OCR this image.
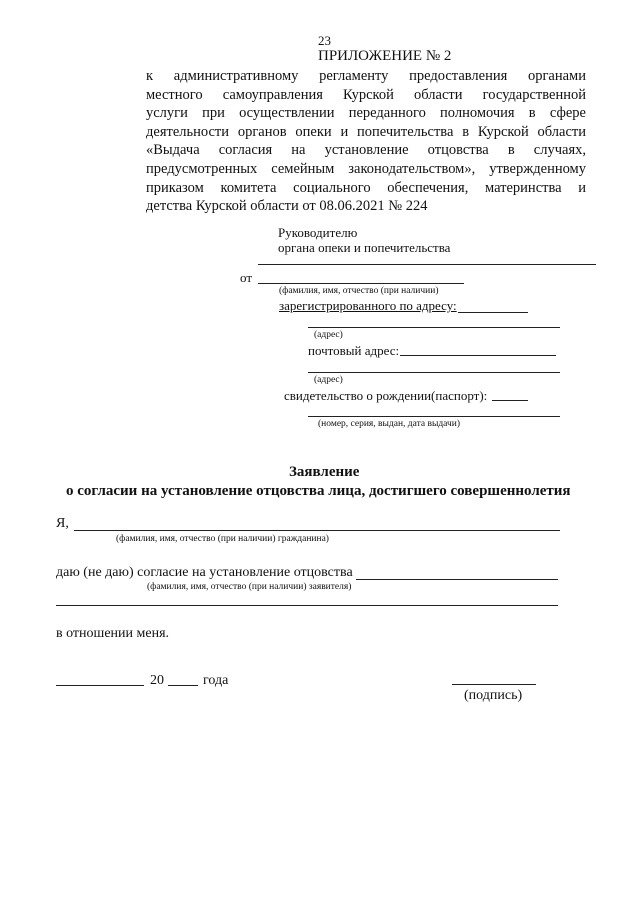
23
ПРИЛОЖЕНИЕ № 2
к административному регламенту предоставления органами
местного самоуправления Курской области государственной
услуги при осуществлении переданного полномочия в сфере
деятельности органов опеки и попечительства в Курской области
«Выдача согласия на установление отцовства в случаях,
предусмотренных семейным законодательством», утвержденному
приказом комитета социального обеспечения, материнства и
детства Курской области от 08.06.2021 № 224
Руководителю
органа опеки и попечительства
от
(фамилия, имя, отчество (при наличии)
зарегистрированного по адресу:
(адрес)
почтовый адрес:
(адрес)
свидетельство о рождении(паспорт):
(номер, серия, выдан, дата выдачи)
Заявление
о согласии на установление отцовства лица, достигшего совершеннолетия
Я,
(фамилия, имя, отчество (при наличии) гражданина)
даю (не даю) согласие на установление отцовства
(фамилия, имя, отчество (при наличии) заявителя)
в отношении меня.
20	года
(подпись)
